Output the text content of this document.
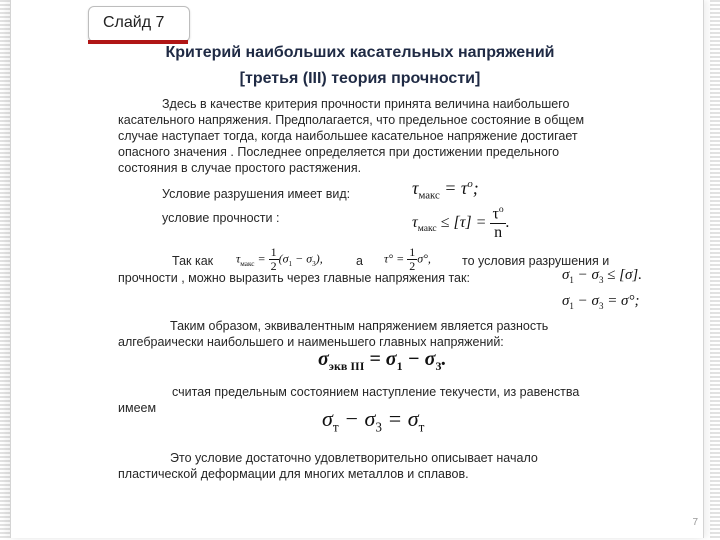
Слайд 7
Критерий наибольших касательных напряжений
[третья (III) теория прочности]
Здесь в качестве критерия прочности принята величина наибольшего касательного напряжения. Предполагается, что предельное состояние в общем случае наступает тогда, когда наибольшее касательное напряжение достигает опасного значения . Последнее определяется при достижении предельного состояния в случае простого растяжения.
Условие разрушения имеет вид:	$\tau_{макс} = \tau^o$;
условие прочности :	$\tau_{макс} \le [\tau] = \frac{\tau^o}{n}$ .
Так как $\tau_{макс} = \frac{1}{2} (\sigma_1 - \sigma_3)$,	а $\tau^\circ = \frac{1}{2} \sigma^\circ$, то условия разрушения и
прочности , можно выразить через главные напряжения так:	$\sigma_1 - \sigma_3 \le [\sigma]$.
$\sigma_1 - \sigma_3 = \sigma^\circ$;
Таким образом, эквивалентным напряжением является разность алгебраически наибольшего и наименьшего главных напряжений:
$\sigma_{экв III} = \sigma_1 - \sigma_3$.
считая предельным состоянием наступление текучести, из равенства
имеем	$\sigma_т - \sigma_3 = \sigma_т$
Это условие достаточно удовлетворительно описывает начало пластической деформации для многих металлов и сплавов.
7
